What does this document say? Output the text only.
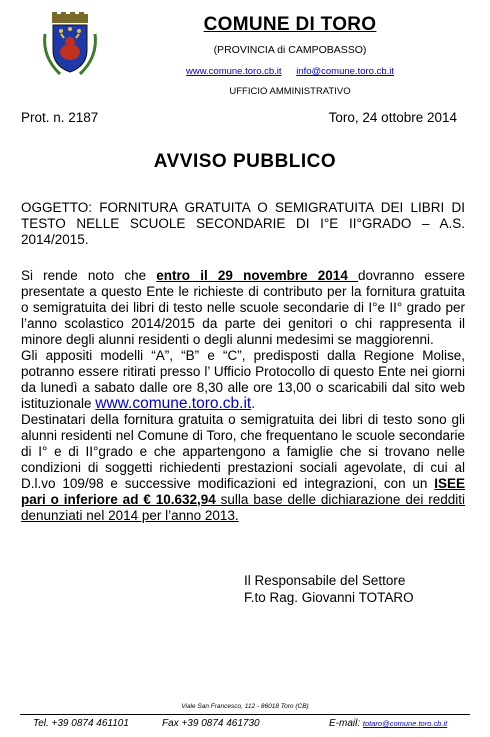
COMUNE DI TORO
(PROVINCIA di CAMPOBASSO)
www.comune.toro.cb.it info@comune.toro.cb.it
UFFICIO AMMINISTRATIVO
Prot. n. 2187	Toro, 24 ottobre 2014
AVVISO PUBBLICO
OGGETTO: FORNITURA GRATUITA O SEMIGRATUITA DEI LIBRI DI TESTO NELLE SCUOLE SECONDARIE DI I°E II°GRADO – A.S. 2014/2015.
Si rende noto che entro il 29 novembre 2014 dovranno essere presentate a questo Ente le richieste di contributo per la fornitura gratuita o semigratuita dei libri di testo nelle scuole secondarie di I°e II° grado per l’anno scolastico 2014/2015 da parte dei genitori o chi rappresenta il minore degli alunni residenti o degli alunni medesimi se maggiorenni.
Gli appositi modelli “A”, “B” e “C”, predisposti dalla Regione Molise, potranno essere ritirati presso l’ Ufficio Protocollo di questo Ente nei giorni da lunedì a sabato dalle ore 8,30 alle ore 13,00 o scaricabili dal sito web istituzionale www.comune.toro.cb.it.
Destinatari della fornitura gratuita o semigratuita dei libri di testo sono gli alunni residenti nel Comune di Toro, che frequentano le scuole secondarie di I° e di II°grado e che appartengono a famiglie che si trovano nelle condizioni di soggetti richiedenti prestazioni sociali agevolate, di cui al D.l.vo 109/98 e successive modificazioni ed integrazioni, con un ISEE pari o inferiore ad € 10.632,94 sulla base delle dichiarazione dei redditi denunziati nel 2014 per l’anno 2013.
Il Responsabile del Settore
F.to Rag. Giovanni TOTARO
Viale San Francesco, 112 - 86018 Toro (CB)
Tel. +39 0874 461101	Fax +39 0874 461730	E-mail: totaro@comune.toro.cb.it
